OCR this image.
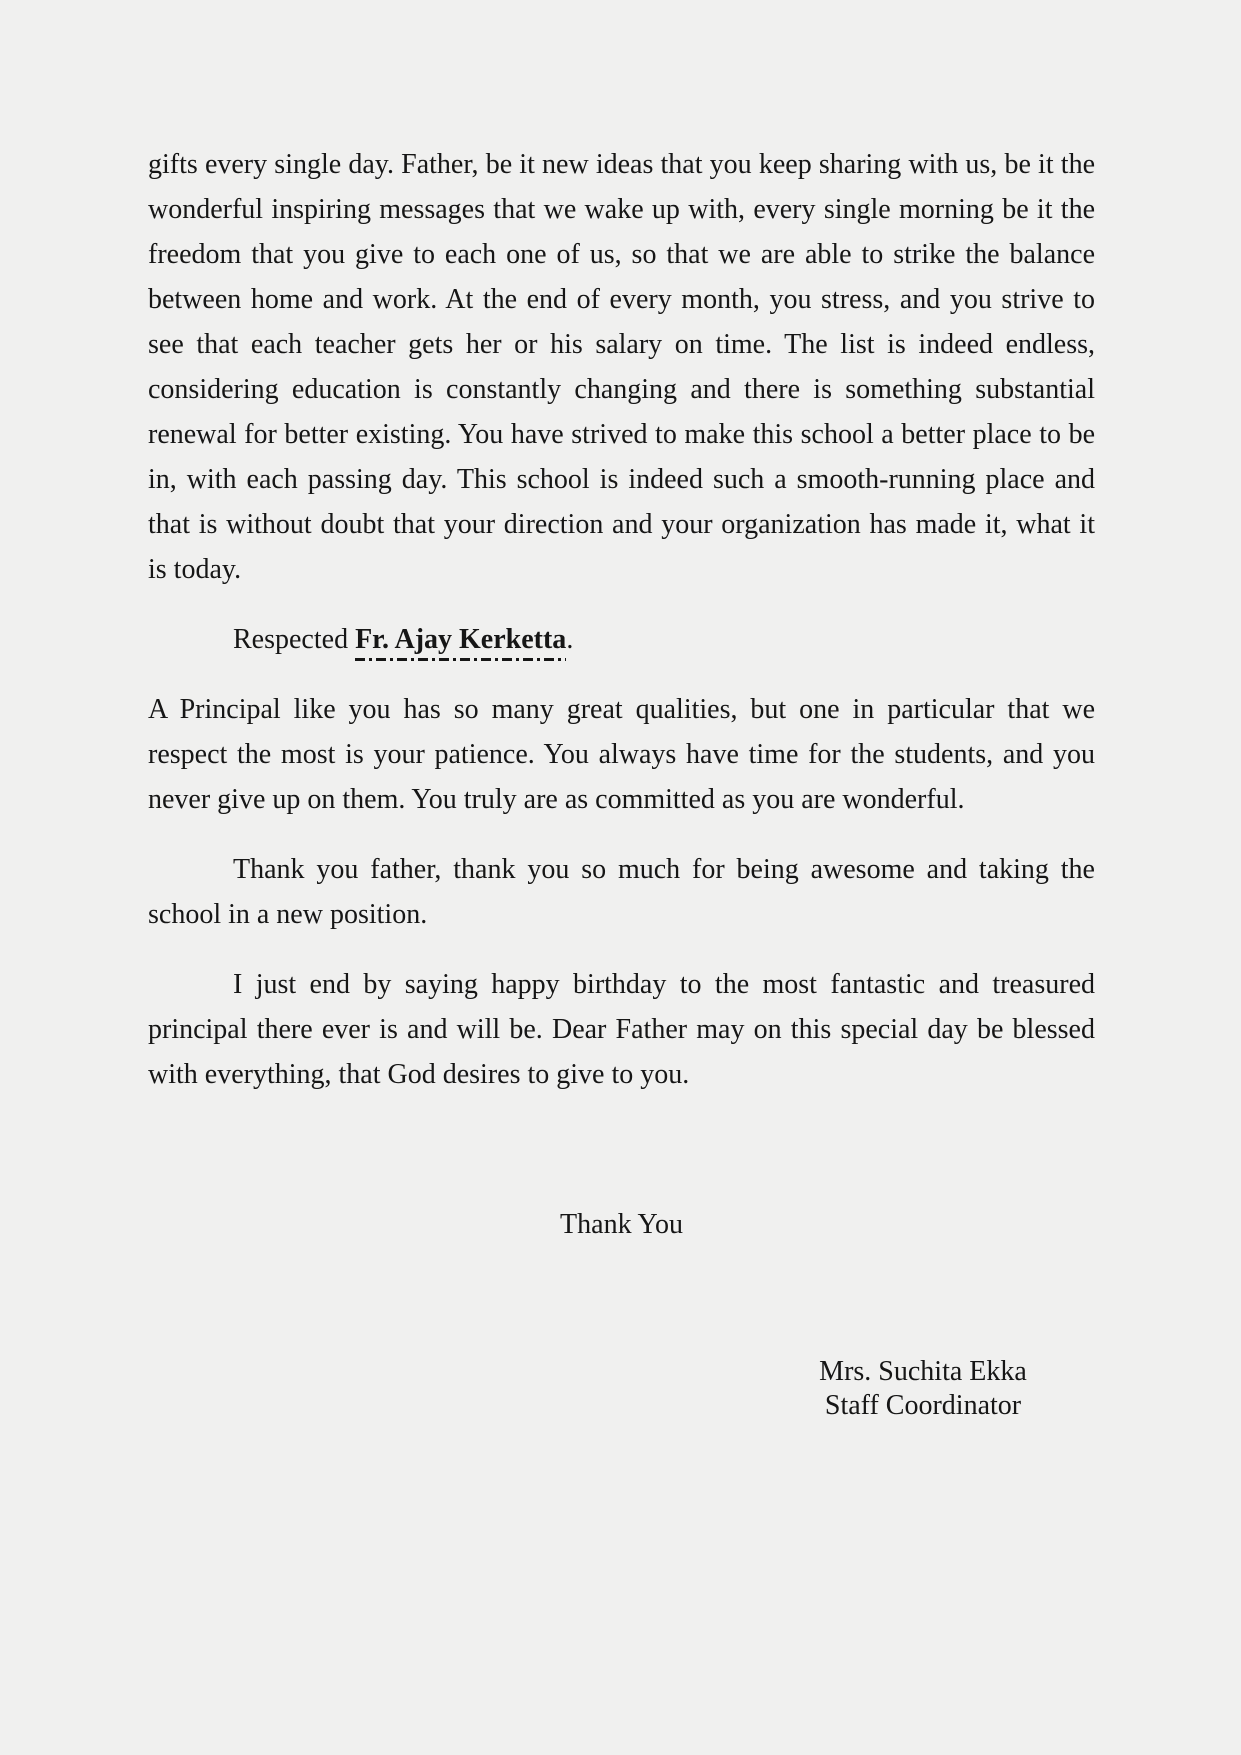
gifts every single day. Father, be it new ideas that you keep sharing with us, be it the wonderful inspiring messages that we wake up with, every single morning be it the freedom that you give to each one of us, so that we are able to strike the balance between home and work. At the end of every month, you stress, and you strive to see that each teacher gets her or his salary on time. The list is indeed endless, considering education is constantly changing and there is something substantial renewal for better existing. You have strived to make this school a better place to be in, with each passing day. This school is indeed such a smooth-running place and that is without doubt that your direction and your organization has made it, what it is today.

Respected Fr. Ajay Kerketta.

A Principal like you has so many great qualities, but one in particular that we respect the most is your patience. You always have time for the students, and you never give up on them. You truly are as committed as you are wonderful.

Thank you father, thank you so much for being awesome and taking the school in a new position.

I just end by saying happy birthday to the most fantastic and treasured principal there ever is and will be. Dear Father may on this special day be blessed with everything, that God desires to give to you.

Thank You

Mrs. Suchita Ekka
Staff Coordinator
